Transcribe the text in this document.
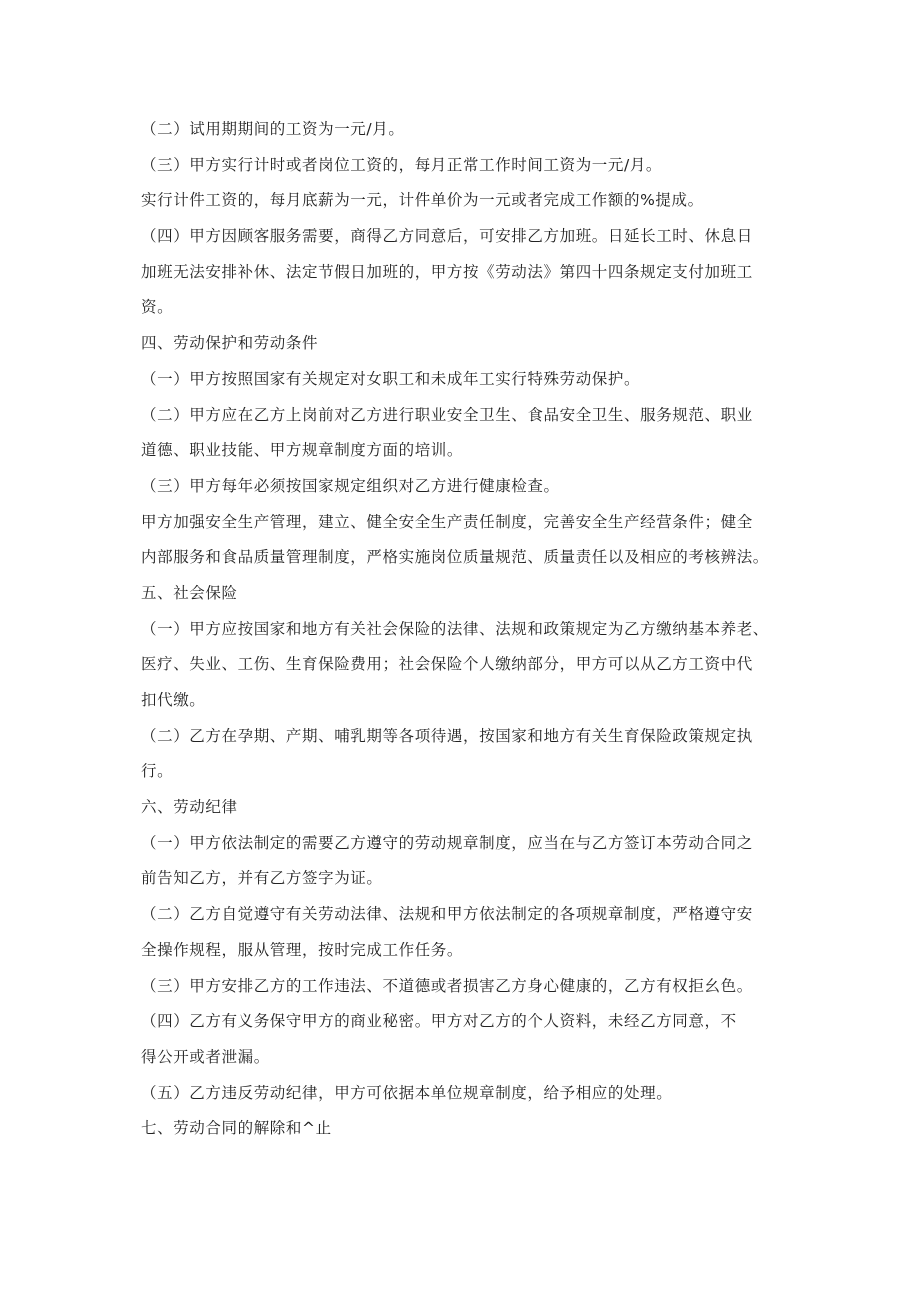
（二）试用期期间的工资为一元/月。
（三）甲方实行计时或者岗位工资的，每月正常工作时间工资为一元/月。
实行计件工资的，每月底薪为一元，计件单价为一元或者完成工作额的%提成。
（四）甲方因顾客服务需要，商得乙方同意后，可安排乙方加班。日延长工时、休息日
加班无法安排补休、法定节假日加班的，甲方按《劳动法》第四十四条规定支付加班工
资。
四、劳动保护和劳动条件
（一）甲方按照国家有关规定对女职工和未成年工实行特殊劳动保护。
（二）甲方应在乙方上岗前对乙方进行职业安全卫生、食品安全卫生、服务规范、职业
道德、职业技能、甲方规章制度方面的培训。
（三）甲方每年必须按国家规定组织对乙方进行健康检查。
甲方加强安全生产管理，建立、健全安全生产责任制度，完善安全生产经营条件；健全
内部服务和食品质量管理制度，严格实施岗位质量规范、质量责任以及相应的考核辨法。
五、社会保险
（一）甲方应按国家和地方有关社会保险的法律、法规和政策规定为乙方缴纳基本养老、
医疗、失业、工伤、生育保险费用；社会保险个人缴纳部分，甲方可以从乙方工资中代
扣代缴。
（二）乙方在孕期、产期、哺乳期等各项待遇，按国家和地方有关生育保险政策规定执
行。
六、劳动纪律
（一）甲方依法制定的需要乙方遵守的劳动规章制度，应当在与乙方签订本劳动合同之
前告知乙方，并有乙方签字为证。
（二）乙方自觉遵守有关劳动法律、法规和甲方依法制定的各项规章制度，严格遵守安
全操作规程，服从管理，按时完成工作任务。
（三）甲方安排乙方的工作违法、不道德或者损害乙方身心健康的，乙方有权拒幺色。
（四）乙方有义务保守甲方的商业秘密。甲方对乙方的个人资料，未经乙方同意，不
得公开或者泄漏。
（五）乙方违反劳动纪律，甲方可依据本单位规章制度，给予相应的处理。
七、劳动合同的解除和^止
